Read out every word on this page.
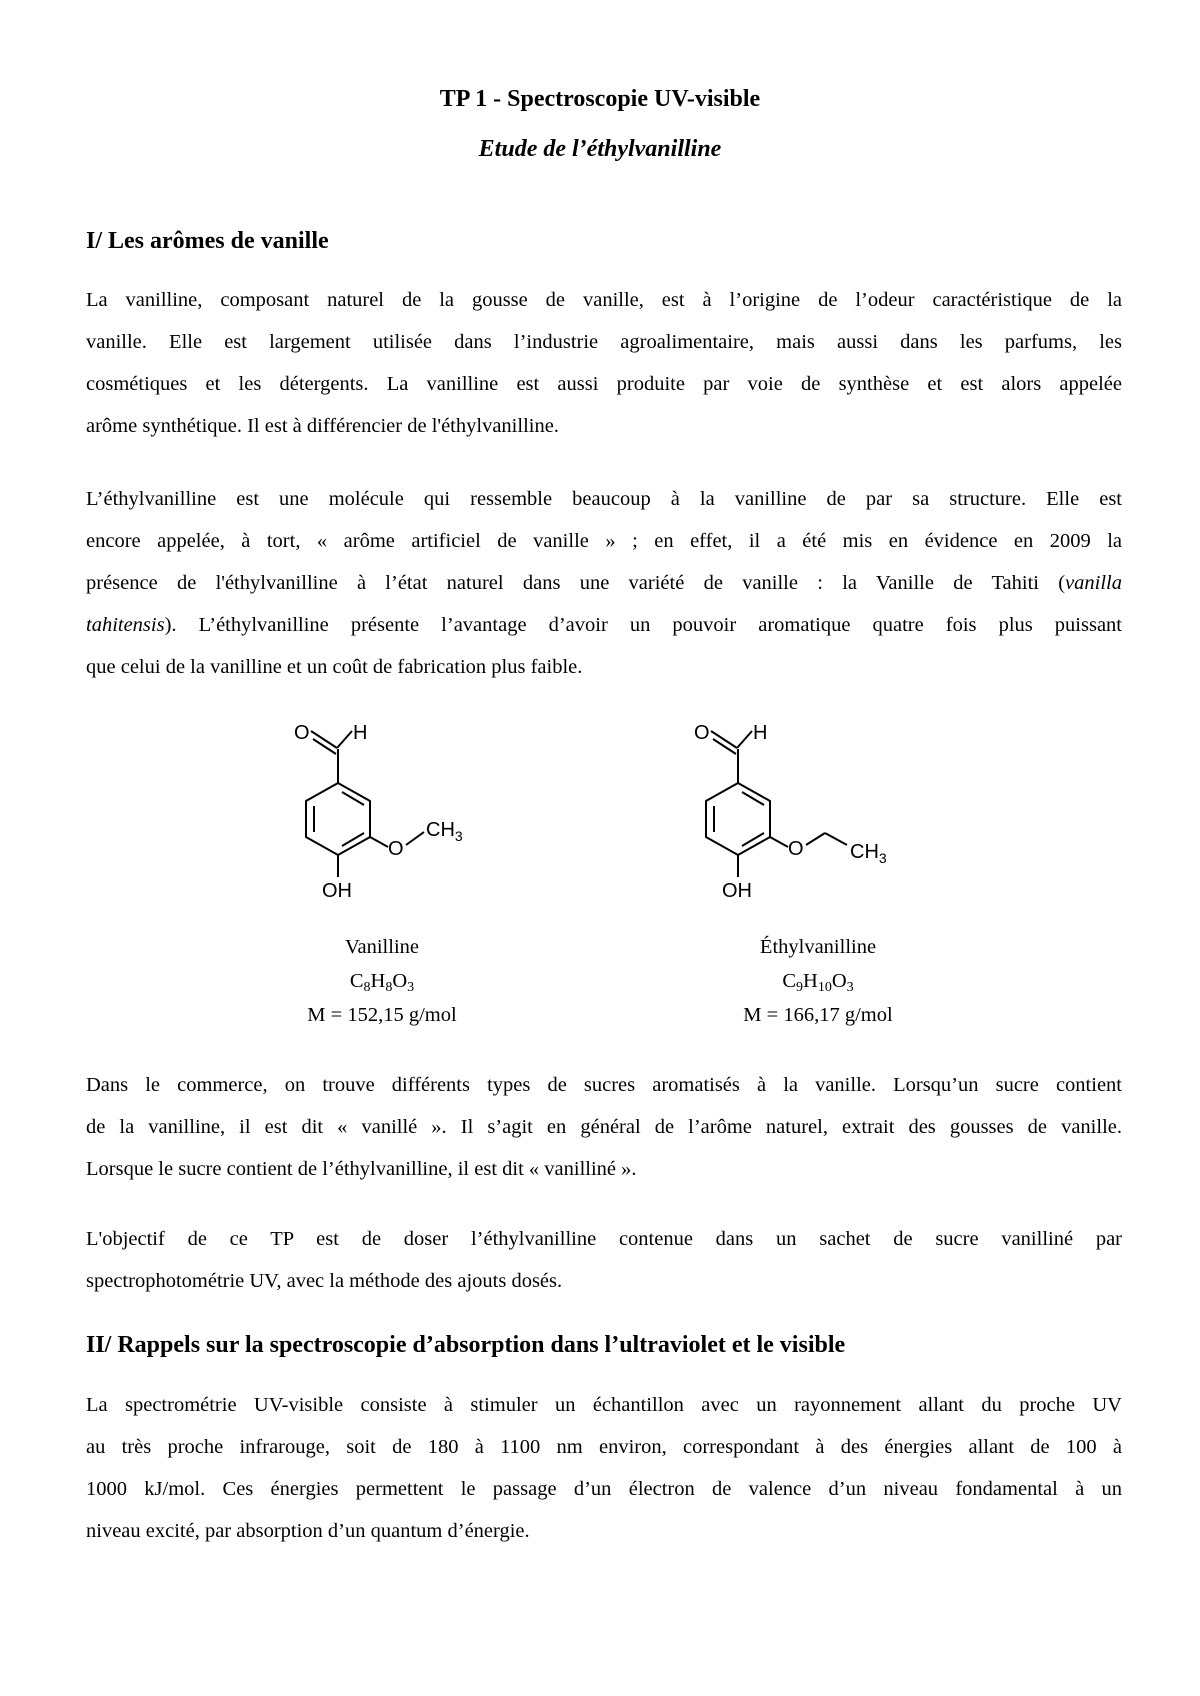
TP 1 - Spectroscopie UV-visible
Etude de l’éthylvanilline
I/ Les arômes de vanille
La vanilline, composant naturel de la gousse de vanille, est à l’origine de l’odeur caractéristique de la
vanille. Elle est largement utilisée dans l’industrie agroalimentaire, mais aussi dans les parfums, les
cosmétiques et les détergents. La vanilline est aussi produite par voie de synthèse et est alors appelée
arôme synthétique. Il est à différencier de l'éthylvanilline.
L’éthylvanilline est une molécule qui ressemble beaucoup à la vanilline de par sa structure. Elle est
encore appelée, à tort, « arôme artificiel de vanille » ; en effet, il a été mis en évidence en 2009 la
présence de l'éthylvanilline à l’état naturel dans une variété de vanille : la Vanille de Tahiti (vanilla
tahitensis). L’éthylvanilline présente l’avantage d’avoir un pouvoir aromatique quatre fois plus puissant
que celui de la vanilline et un coût de fabrication plus faible.
O H
O
$CH_3$
OH
O H
O $CH_3$
OH
Vanilline
$C_8H_8O_3$
M = 152,15 g/mol
Éthylvanilline
$C_9H_{10}O_3$
M = 166,17 g/mol
Dans le commerce, on trouve différents types de sucres aromatisés à la vanille. Lorsqu’un sucre contient
de la vanilline, il est dit « vanillé ». Il s’agit en général de l’arôme naturel, extrait des gousses de vanille.
Lorsque le sucre contient de l’éthylvanilline, il est dit « vanilliné ».
L'objectif de ce TP est de doser l’éthylvanilline contenue dans un sachet de sucre vanilliné par
spectrophotométrie UV, avec la méthode des ajouts dosés.
II/ Rappels sur la spectroscopie d’absorption dans l’ultraviolet et le visible
La spectrométrie UV-visible consiste à stimuler un échantillon avec un rayonnement allant du proche UV
au très proche infrarouge, soit de 180 à 1100 nm environ, correspondant à des énergies allant de 100 à
1000 kJ/mol. Ces énergies permettent le passage d’un électron de valence d’un niveau fondamental à un
niveau excité, par absorption d’un quantum d’énergie.
